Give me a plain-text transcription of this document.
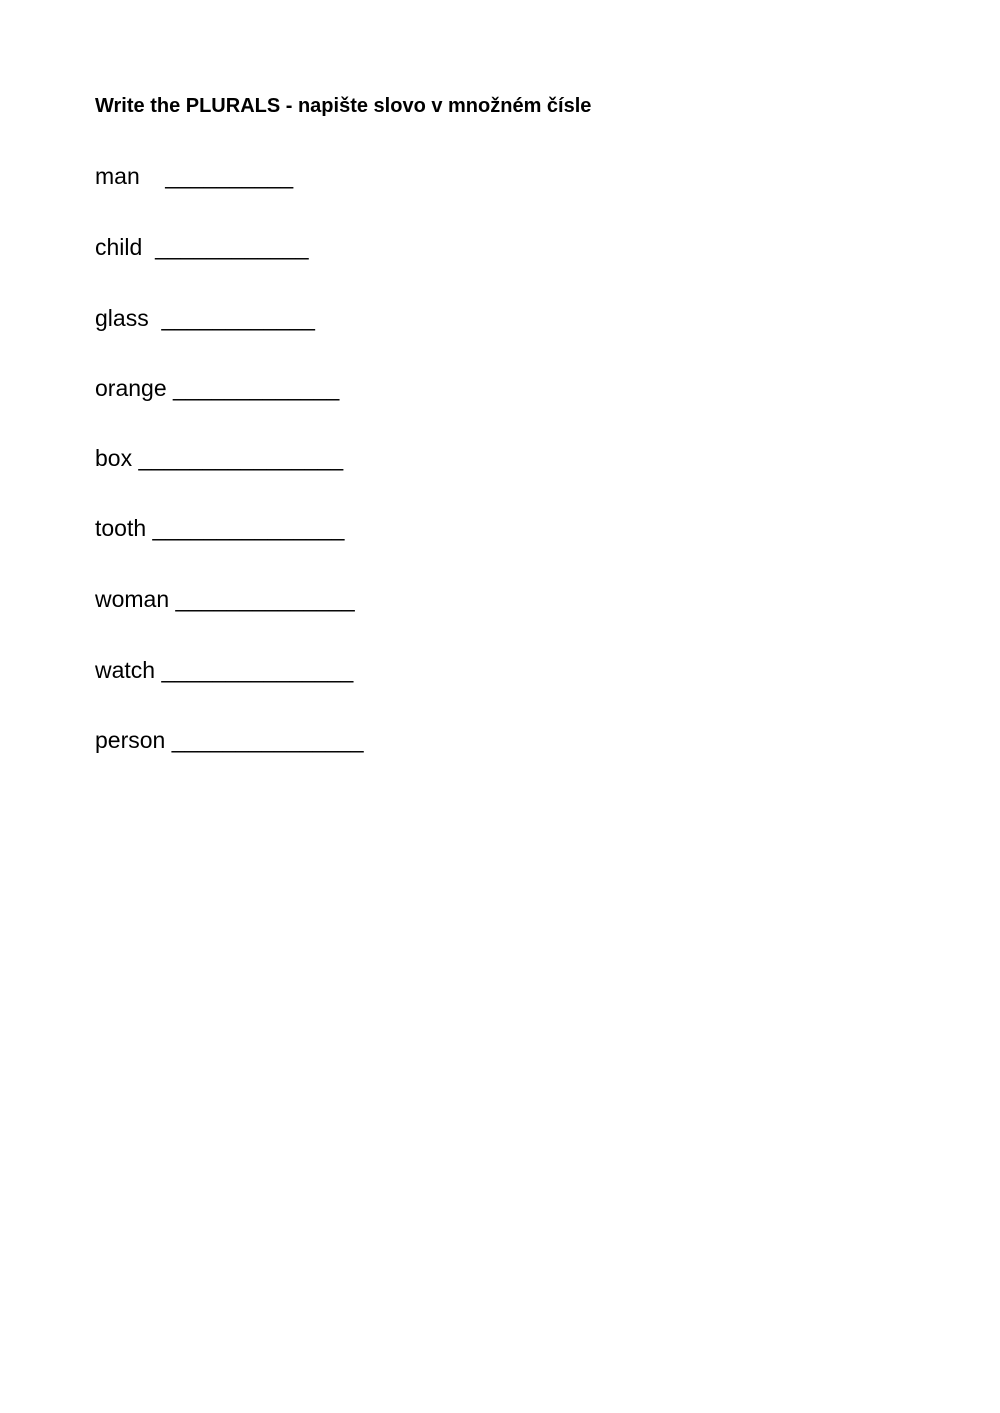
Write the PLURALS - napište slovo v množném čísle
man    __________
child  ____________
glass  ____________
orange _____________
box ________________
tooth _______________
woman ______________
watch _______________
person _______________
